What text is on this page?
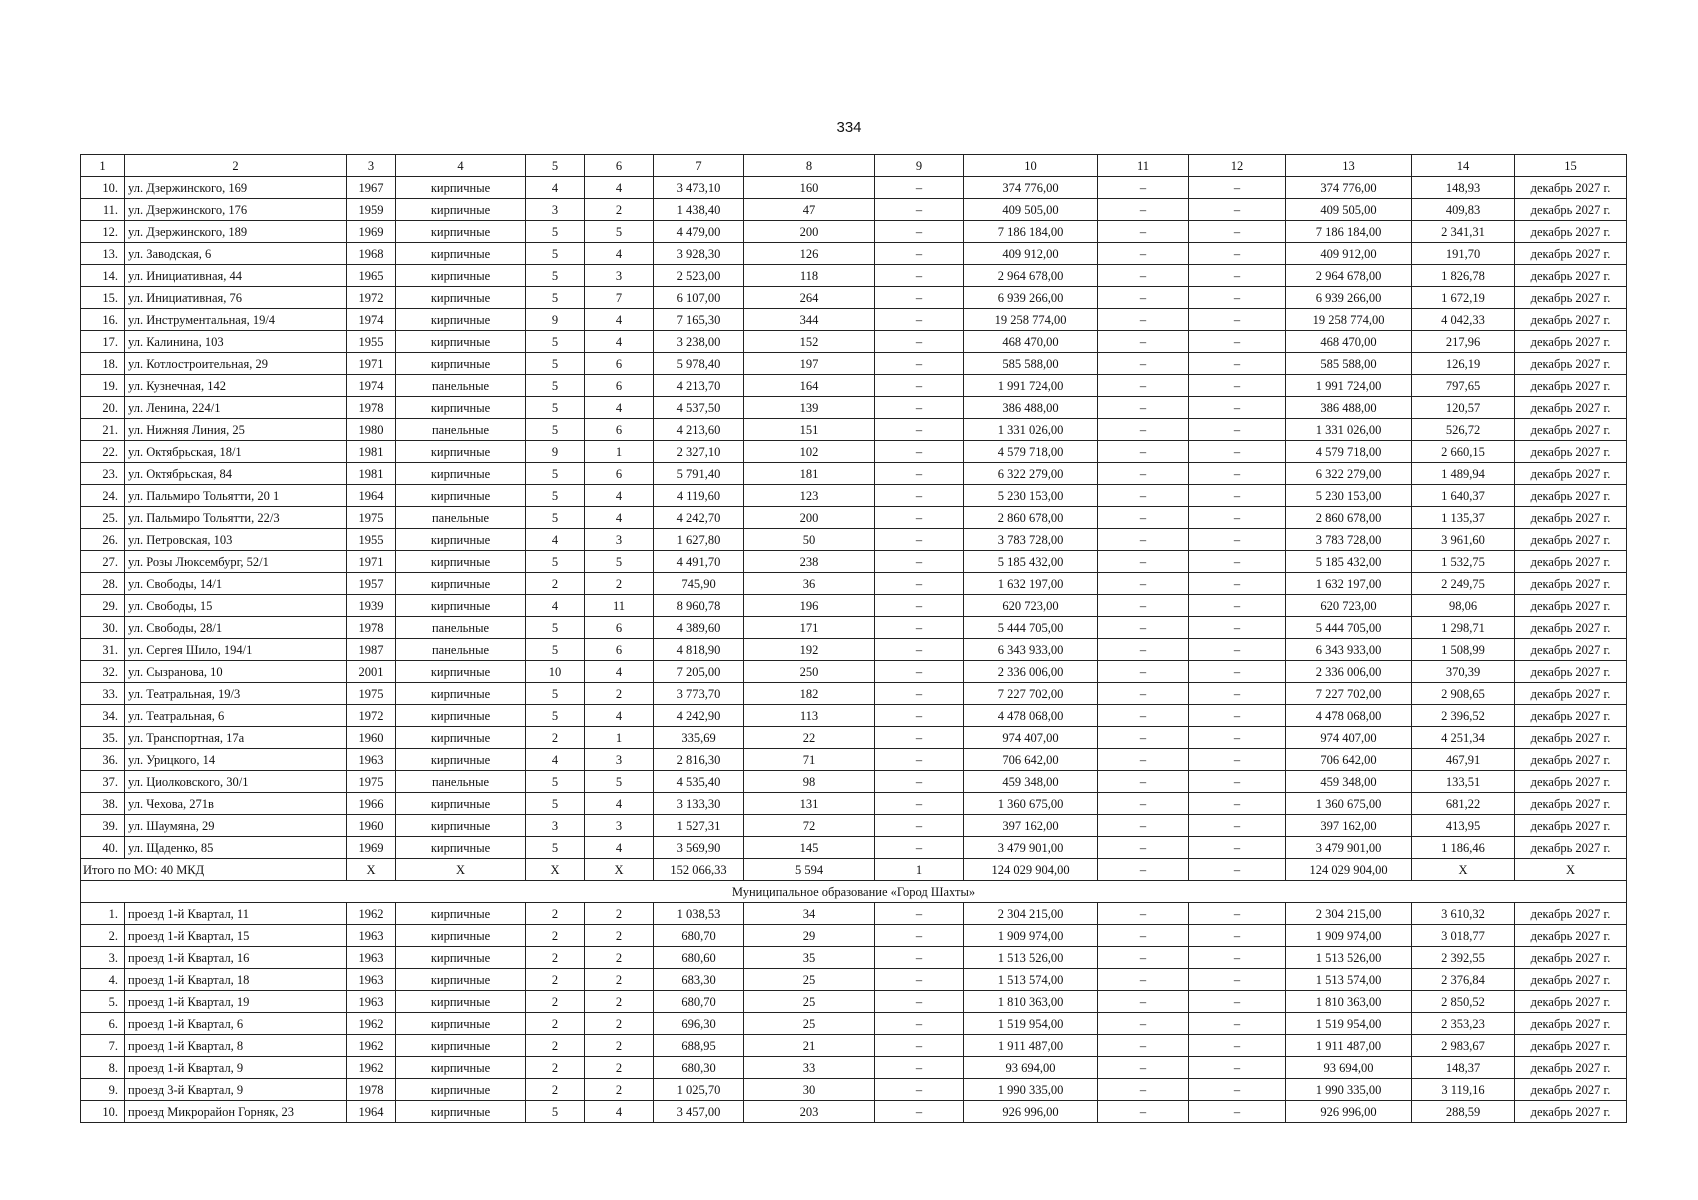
334
1	2	3	4	5	6	7	8	9	10	11	12	13	14	15
10.	ул. Дзержинского, 169	1967	кирпичные	4	4	3 473,10	160	–	374 776,00	–	–	374 776,00	148,93	декабрь 2027 г.
11.	ул. Дзержинского, 176	1959	кирпичные	3	2	1 438,40	47	–	409 505,00	–	–	409 505,00	409,83	декабрь 2027 г.
12.	ул. Дзержинского, 189	1969	кирпичные	5	5	4 479,00	200	–	7 186 184,00	–	–	7 186 184,00	2 341,31	декабрь 2027 г.
13.	ул. Заводская, 6	1968	кирпичные	5	4	3 928,30	126	–	409 912,00	–	–	409 912,00	191,70	декабрь 2027 г.
14.	ул. Инициативная, 44	1965	кирпичные	5	3	2 523,00	118	–	2 964 678,00	–	–	2 964 678,00	1 826,78	декабрь 2027 г.
15.	ул. Инициативная, 76	1972	кирпичные	5	7	6 107,00	264	–	6 939 266,00	–	–	6 939 266,00	1 672,19	декабрь 2027 г.
16.	ул. Инструментальная, 19/4	1974	кирпичные	9	4	7 165,30	344	–	19 258 774,00	–	–	19 258 774,00	4 042,33	декабрь 2027 г.
17.	ул. Калинина, 103	1955	кирпичные	5	4	3 238,00	152	–	468 470,00	–	–	468 470,00	217,96	декабрь 2027 г.
18.	ул. Котлостроительная, 29	1971	кирпичные	5	6	5 978,40	197	–	585 588,00	–	–	585 588,00	126,19	декабрь 2027 г.
19.	ул. Кузнечная, 142	1974	панельные	5	6	4 213,70	164	–	1 991 724,00	–	–	1 991 724,00	797,65	декабрь 2027 г.
20.	ул. Ленина, 224/1	1978	кирпичные	5	4	4 537,50	139	–	386 488,00	–	–	386 488,00	120,57	декабрь 2027 г.
21.	ул. Нижняя Линия, 25	1980	панельные	5	6	4 213,60	151	–	1 331 026,00	–	–	1 331 026,00	526,72	декабрь 2027 г.
22.	ул. Октябрьская, 18/1	1981	кирпичные	9	1	2 327,10	102	–	4 579 718,00	–	–	4 579 718,00	2 660,15	декабрь 2027 г.
23.	ул. Октябрьская, 84	1981	кирпичные	5	6	5 791,40	181	–	6 322 279,00	–	–	6 322 279,00	1 489,94	декабрь 2027 г.
24.	ул. Пальмиро Тольятти, 20 1	1964	кирпичные	5	4	4 119,60	123	–	5 230 153,00	–	–	5 230 153,00	1 640,37	декабрь 2027 г.
25.	ул. Пальмиро Тольятти, 22/3	1975	панельные	5	4	4 242,70	200	–	2 860 678,00	–	–	2 860 678,00	1 135,37	декабрь 2027 г.
26.	ул. Петровская, 103	1955	кирпичные	4	3	1 627,80	50	–	3 783 728,00	–	–	3 783 728,00	3 961,60	декабрь 2027 г.
27.	ул. Розы Люксембург, 52/1	1971	кирпичные	5	5	4 491,70	238	–	5 185 432,00	–	–	5 185 432,00	1 532,75	декабрь 2027 г.
28.	ул. Свободы, 14/1	1957	кирпичные	2	2	745,90	36	–	1 632 197,00	–	–	1 632 197,00	2 249,75	декабрь 2027 г.
29.	ул. Свободы, 15	1939	кирпичные	4	11	8 960,78	196	–	620 723,00	–	–	620 723,00	98,06	декабрь 2027 г.
30.	ул. Свободы, 28/1	1978	панельные	5	6	4 389,60	171	–	5 444 705,00	–	–	5 444 705,00	1 298,71	декабрь 2027 г.
31.	ул. Сергея Шило, 194/1	1987	панельные	5	6	4 818,90	192	–	6 343 933,00	–	–	6 343 933,00	1 508,99	декабрь 2027 г.
32.	ул. Сызранова, 10	2001	кирпичные	10	4	7 205,00	250	–	2 336 006,00	–	–	2 336 006,00	370,39	декабрь 2027 г.
33.	ул. Театральная, 19/3	1975	кирпичные	5	2	3 773,70	182	–	7 227 702,00	–	–	7 227 702,00	2 908,65	декабрь 2027 г.
34.	ул. Театральная, 6	1972	кирпичные	5	4	4 242,90	113	–	4 478 068,00	–	–	4 478 068,00	2 396,52	декабрь 2027 г.
35.	ул. Транспортная, 17а	1960	кирпичные	2	1	335,69	22	–	974 407,00	–	–	974 407,00	4 251,34	декабрь 2027 г.
36.	ул. Урицкого, 14	1963	кирпичные	4	3	2 816,30	71	–	706 642,00	–	–	706 642,00	467,91	декабрь 2027 г.
37.	ул. Циолковского, 30/1	1975	панельные	5	5	4 535,40	98	–	459 348,00	–	–	459 348,00	133,51	декабрь 2027 г.
38.	ул. Чехова, 271в	1966	кирпичные	5	4	3 133,30	131	–	1 360 675,00	–	–	1 360 675,00	681,22	декабрь 2027 г.
39.	ул. Шаумяна, 29	1960	кирпичные	3	3	1 527,31	72	–	397 162,00	–	–	397 162,00	413,95	декабрь 2027 г.
40.	ул. Щаденко, 85	1969	кирпичные	5	4	3 569,90	145	–	3 479 901,00	–	–	3 479 901,00	1 186,46	декабрь 2027 г.
Итого по МО: 40 МКД		Х	Х	Х	Х	152 066,33	5 594	1	124 029 904,00	–	–	124 029 904,00	Х	Х
Муниципальное образование «Город Шахты»														
1.	проезд 1-й Квартал, 11	1962	кирпичные	2	2	1 038,53	34	–	2 304 215,00	–	–	2 304 215,00	3 610,32	декабрь 2027 г.
2.	проезд 1-й Квартал, 15	1963	кирпичные	2	2	680,70	29	–	1 909 974,00	–	–	1 909 974,00	3 018,77	декабрь 2027 г.
3.	проезд 1-й Квартал, 16	1963	кирпичные	2	2	680,60	35	–	1 513 526,00	–	–	1 513 526,00	2 392,55	декабрь 2027 г.
4.	проезд 1-й Квартал, 18	1963	кирпичные	2	2	683,30	25	–	1 513 574,00	–	–	1 513 574,00	2 376,84	декабрь 2027 г.
5.	проезд 1-й Квартал, 19	1963	кирпичные	2	2	680,70	25	–	1 810 363,00	–	–	1 810 363,00	2 850,52	декабрь 2027 г.
6.	проезд 1-й Квартал, 6	1962	кирпичные	2	2	696,30	25	–	1 519 954,00	–	–	1 519 954,00	2 353,23	декабрь 2027 г.
7.	проезд 1-й Квартал, 8	1962	кирпичные	2	2	688,95	21	–	1 911 487,00	–	–	1 911 487,00	2 983,67	декабрь 2027 г.
8.	проезд 1-й Квартал, 9	1962	кирпичные	2	2	680,30	33	–	93 694,00	–	–	93 694,00	148,37	декабрь 2027 г.
9.	проезд 3-й Квартал, 9	1978	кирпичные	2	2	1 025,70	30	–	1 990 335,00	–	–	1 990 335,00	3 119,16	декабрь 2027 г.
10.	проезд Микрорайон Горняк, 23	1964	кирпичные	5	4	3 457,00	203	–	926 996,00	–	–	926 996,00	288,59	декабрь 2027 г.
